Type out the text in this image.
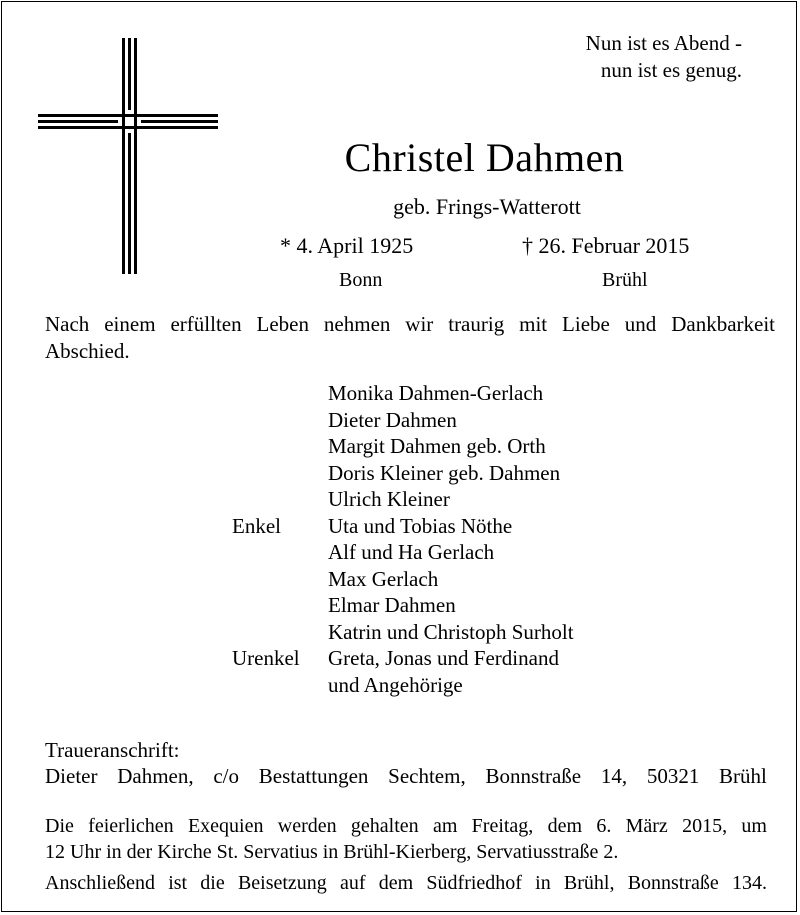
Nun ist es Abend -
nun ist es genug.
Christel Dahmen
geb. Frings-Watterott
* 4. April 1925
Bonn
† 26. Februar 2015
Brühl
Nach einem erfüllten Leben nehmen wir traurig mit Liebe und Dankbarkeit
Abschied.
Monika Dahmen-Gerlach
Dieter Dahmen
Margit Dahmen geb. Orth
Doris Kleiner geb. Dahmen
Ulrich Kleiner
Enkel	Uta und Tobias Nöthe
Alf und Ha Gerlach
Max Gerlach
Elmar Dahmen
Katrin und Christoph Surholt
Urenkel	Greta, Jonas und Ferdinand
und Angehörige
Traueranschrift:
Dieter Dahmen, c/o Bestattungen Sechtem, Bonnstraße 14, 50321 Brühl
Die feierlichen Exequien werden gehalten am Freitag, dem 6. März 2015, um
12 Uhr in der Kirche St. Servatius in Brühl-Kierberg, Servatiusstraße 2.
Anschließend ist die Beisetzung auf dem Südfriedhof in Brühl, Bonnstraße 134.
